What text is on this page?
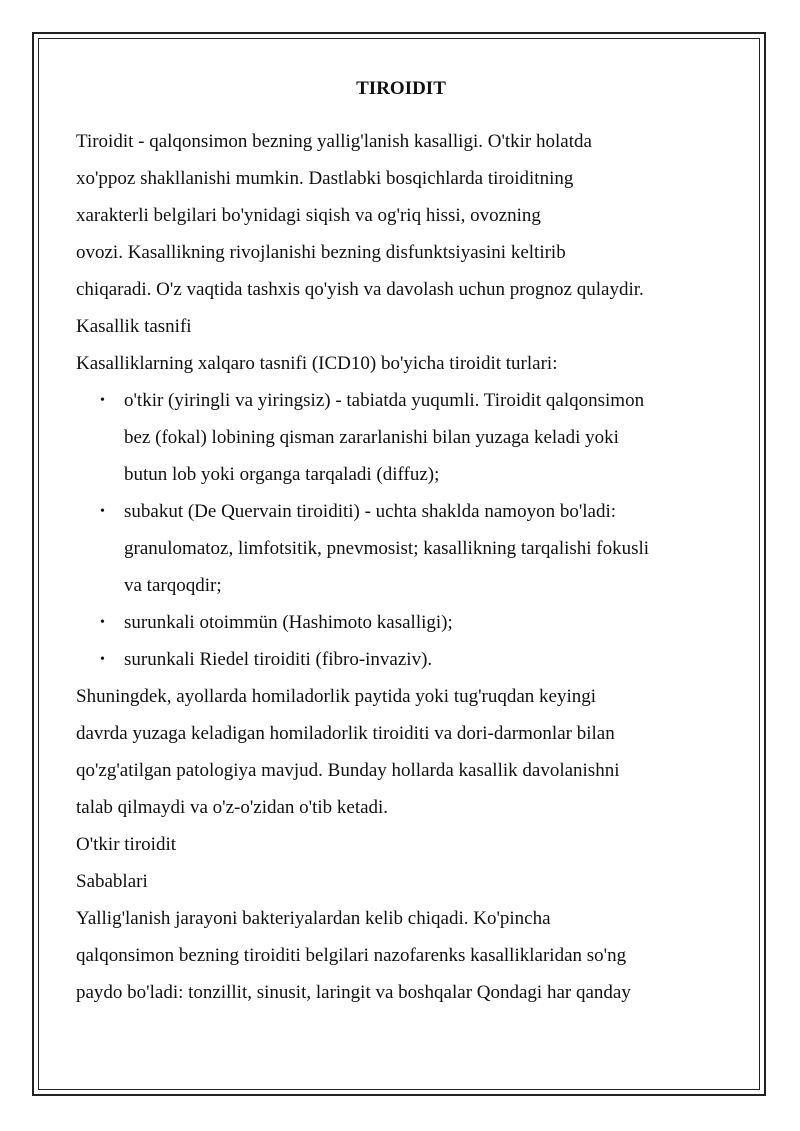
TIROIDIT
Tiroidit - qalqonsimon bezning yallig'lanish kasalligi. O'tkir holatda
xo'ppoz shakllanishi mumkin. Dastlabki bosqichlarda tiroiditning
xarakterli belgilari bo'ynidagi siqish va og'riq hissi, ovozning
ovozi. Kasallikning rivojlanishi bezning disfunktsiyasini keltirib
chiqaradi. O'z vaqtida tashxis qo'yish va davolash uchun prognoz qulaydir.
Kasallik tasnifi
Kasalliklarning xalqaro tasnifi (ICD10) bo'yicha tiroidit turlari:
• o'tkir (yiringli va yiringsiz) - tabiatda yuqumli. Tiroidit qalqonsimon
bez (fokal) lobining qisman zararlanishi bilan yuzaga keladi yoki
butun lob yoki organga tarqaladi (diffuz);
• subakut (De Quervain tiroiditi) - uchta shaklda namoyon bo'ladi:
granulomatoz, limfotsitik, pnevmosist; kasallikning tarqalishi fokusli
va tarqoqdir;
• surunkali otoimmün (Hashimoto kasalligi);
• surunkali Riedel tiroiditi (fibro-invaziv).
Shuningdek, ayollarda homiladorlik paytida yoki tug'ruqdan keyingi
davrda yuzaga keladigan homiladorlik tiroiditi va dori-darmonlar bilan
qo'zg'atilgan patologiya mavjud. Bunday hollarda kasallik davolanishni
talab qilmaydi va o'z-o'zidan o'tib ketadi.
O'tkir tiroidit
Sabablari
Yallig'lanish jarayoni bakteriyalardan kelib chiqadi. Ko'pincha
qalqonsimon bezning tiroiditi belgilari nazofarenks kasalliklaridan so'ng
paydo bo'ladi: tonzillit, sinusit, laringit va boshqalar Qondagi har qanday
